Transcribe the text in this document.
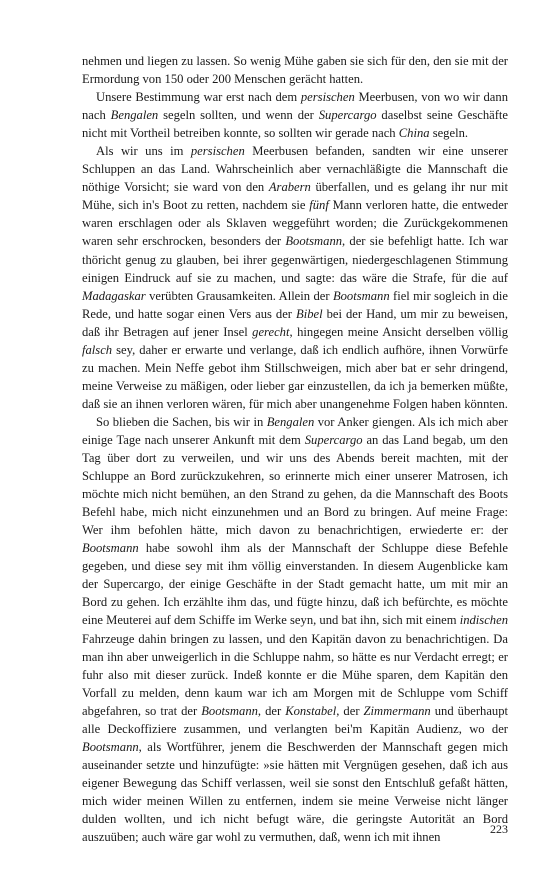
nehmen und liegen zu lassen. So wenig Mühe gaben sie sich für den, den sie mit der Ermordung von 150 oder 200 Menschen gerächt hatten.

Unsere Bestimmung war erst nach dem persischen Meerbusen, von wo wir dann nach Bengalen segeln sollten, und wenn der Supercargo daselbst seine Geschäfte nicht mit Vortheil betreiben konnte, so sollten wir gerade nach China segeln.

Als wir uns im persischen Meerbusen befanden, sandten wir eine unserer Schluppen an das Land. Wahrscheinlich aber vernachläßigte die Mannschaft die nöthige Vorsicht; sie ward von den Arabern überfallen, und es gelang ihr nur mit Mühe, sich in's Boot zu retten, nachdem sie fünf Mann verloren hatte, die entweder waren erschlagen oder als Sklaven weggeführt worden; die Zurückgekommenen waren sehr erschrocken, besonders der Bootsmann, der sie befehligt hatte. Ich war thöricht genug zu glauben, bei ihrer gegenwärtigen, niedergeschlagenen Stimmung einigen Eindruck auf sie zu machen, und sagte: das wäre die Strafe, für die auf Madagaskar verübten Grausamkeiten. Allein der Bootsmann fiel mir sogleich in die Rede, und hatte sogar einen Vers aus der Bibel bei der Hand, um mir zu beweisen, daß ihr Betragen auf jener Insel gerecht, hingegen meine Ansicht derselben völlig falsch sey, daher er erwarte und verlange, daß ich endlich aufhöre, ihnen Vorwürfe zu machen. Mein Neffe gebot ihm Stillschweigen, mich aber bat er sehr dringend, meine Verweise zu mäßigen, oder lieber gar einzustellen, da ich ja bemerken müßte, daß sie an ihnen verloren wären, für mich aber unangenehme Folgen haben könnten.

So blieben die Sachen, bis wir in Bengalen vor Anker giengen. Als ich mich aber einige Tage nach unserer Ankunft mit dem Supercargo an das Land begab, um den Tag über dort zu verweilen, und wir uns des Abends bereit machten, mit der Schluppe an Bord zurückzukehren, so erinnerte mich einer unserer Matrosen, ich möchte mich nicht bemühen, an den Strand zu gehen, da die Mannschaft des Boots Befehl habe, mich nicht einzunehmen und an Bord zu bringen. Auf meine Frage: Wer ihm befohlen hätte, mich davon zu benachrichtigen, erwiederte er: der Bootsmann habe sowohl ihm als der Mannschaft der Schluppe diese Befehle gegeben, und diese sey mit ihm völlig einverstanden. In diesem Augenblicke kam der Supercargo, der einige Geschäfte in der Stadt gemacht hatte, um mit mir an Bord zu gehen. Ich erzählte ihm das, und fügte hinzu, daß ich befürchte, es möchte eine Meuterei auf dem Schiffe im Werke seyn, und bat ihn, sich mit einem indischen Fahrzeuge dahin bringen zu lassen, und den Kapitän davon zu benachrichtigen. Da man ihn aber unweigerlich in die Schluppe nahm, so hätte es nur Verdacht erregt; er fuhr also mit dieser zurück. Indeß konnte er die Mühe sparen, dem Kapitän den Vorfall zu melden, denn kaum war ich am Morgen mit de Schluppe vom Schiff abgefahren, so trat der Bootsmann, der Konstabel, der Zimmermann und überhaupt alle Deckoffiziere zusammen, und verlangten bei'm Kapitän Audienz, wo der Bootsmann, als Wortführer, jenem die Beschwerden der Mannschaft gegen mich auseinander setzte und hinzufügte: »sie hätten mit Vergnügen gesehen, daß ich aus eigener Bewegung das Schiff verlassen, weil sie sonst den Entschluß gefaßt hätten, mich wider meinen Willen zu entfernen, indem sie meine Verweise nicht länger dulden wollten, und ich nicht befugt wäre, die geringste Autorität an Bord auszuüben; auch wäre gar wohl zu vermuthen, daß, wenn ich mit ihnen

223
